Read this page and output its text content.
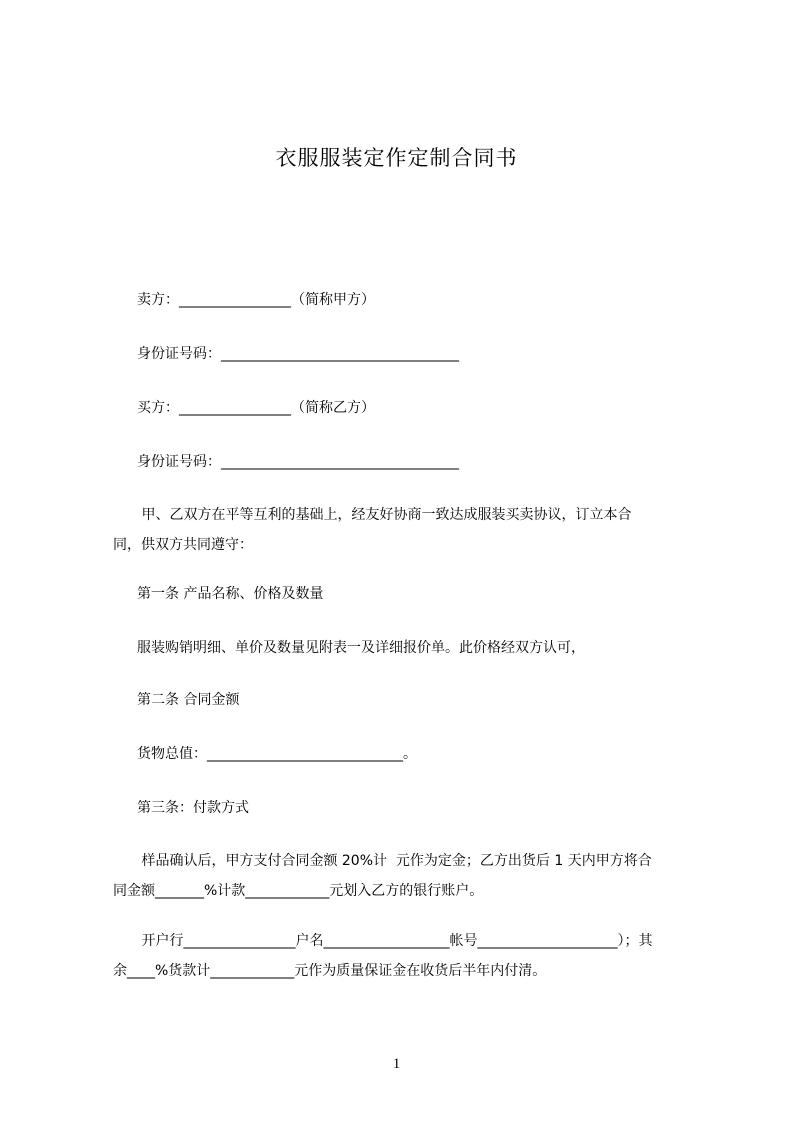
衣服服装定作定制合同书
卖方：________________（简称甲方）
身份证号码：__________________________________
买方：________________（简称乙方）
身份证号码：__________________________________
甲、乙双方在平等互利的基础上，经友好协商一致达成服装买卖协议，订立本合
同，供双方共同遵守：
第一条 产品名称、价格及数量
服装购销明细、单价及数量见附表一及详细报价单。此价格经双方认可，
第二条 合同金额
货物总值：____________________________。
第三条：付款方式
样品确认后，甲方支付合同金额 20%计  元作为定金；乙方出货后 1 天内甲方将合
同金额_______%计款____________元划入乙方的银行账户。
开户行________________户名__________________帐号____________________）；其
余____%货款计____________元作为质量保证金在收货后半年内付清。
1
